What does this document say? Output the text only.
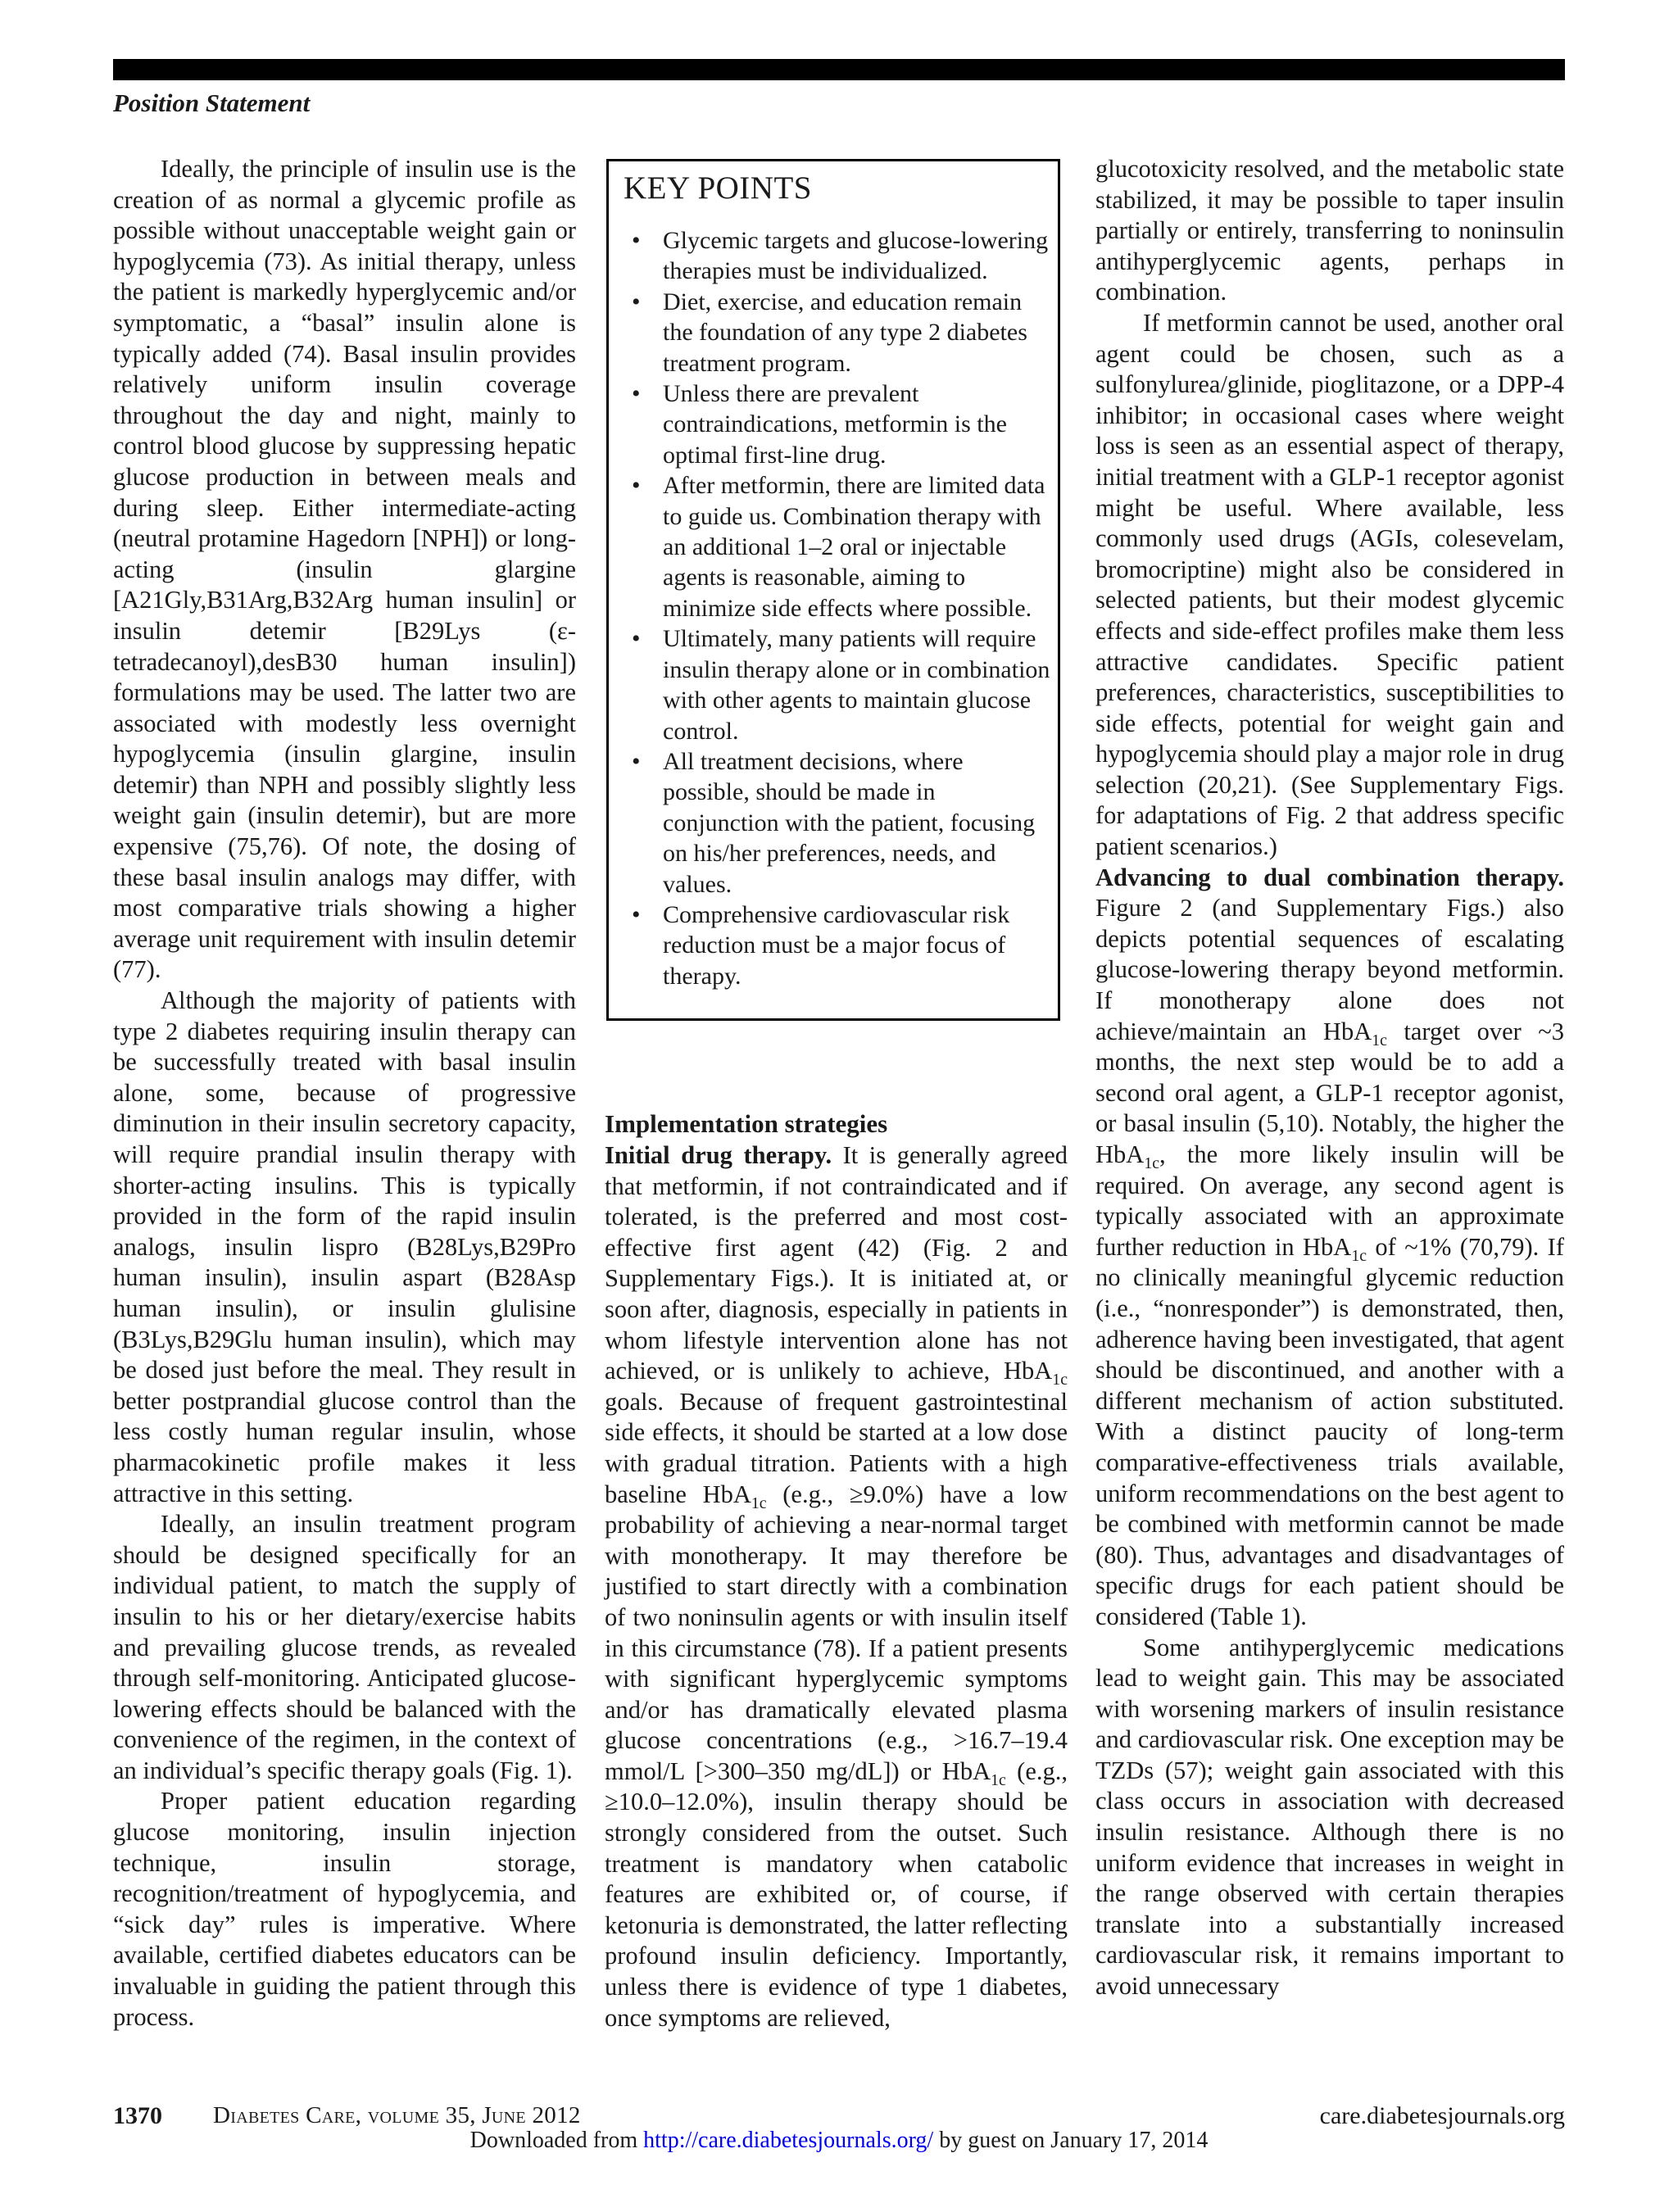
Position Statement

Ideally, the principle of insulin use is the creation of as normal a glycemic profile as possible without unacceptable weight gain or hypoglycemia (73). As initial therapy, unless the patient is markedly hyperglycemic and/or symptomatic, a “basal” insulin alone is typically added (74). Basal insulin provides relatively uniform insulin coverage throughout the day and night, mainly to control blood glucose by suppressing hepatic glucose production in between meals and during sleep. Either intermediate-acting (neutral protamine Hagedorn [NPH]) or long-acting (insulin glargine [A21Gly,B31Arg,B32Arg human insulin] or insulin detemir [B29Lys (ε-tetradecanoyl),desB30 human insulin]) formulations may be used. The latter two are associated with modestly less overnight hypoglycemia (insulin glargine, insulin detemir) than NPH and possibly slightly less weight gain (insulin detemir), but are more expensive (75,76). Of note, the dosing of these basal insulin analogs may differ, with most comparative trials showing a higher average unit requirement with insulin detemir (77).

Although the majority of patients with type 2 diabetes requiring insulin therapy can be successfully treated with basal insulin alone, some, because of progressive diminution in their insulin secretory capacity, will require prandial insulin therapy with shorter-acting insulins. This is typically provided in the form of the rapid insulin analogs, insulin lispro (B28Lys,B29Pro human insulin), insulin aspart (B28Asp human insulin), or insulin glulisine (B3Lys,B29Glu human insulin), which may be dosed just before the meal. They result in better postprandial glucose control than the less costly human regular insulin, whose pharmacokinetic profile makes it less attractive in this setting.

Ideally, an insulin treatment program should be designed specifically for an individual patient, to match the supply of insulin to his or her dietary/exercise habits and prevailing glucose trends, as revealed through self-monitoring. Anticipated glucose-lowering effects should be balanced with the convenience of the regimen, in the context of an individual’s specific therapy goals (Fig. 1).

Proper patient education regarding glucose monitoring, insulin injection technique, insulin storage, recognition/treatment of hypoglycemia, and “sick day” rules is imperative. Where available, certified diabetes educators can be invaluable in guiding the patient through this process.

KEY POINTS
• Glycemic targets and glucose-lowering therapies must be individualized.
• Diet, exercise, and education remain the foundation of any type 2 diabetes treatment program.
• Unless there are prevalent contraindications, metformin is the optimal first-line drug.
• After metformin, there are limited data to guide us. Combination therapy with an additional 1–2 oral or injectable agents is reasonable, aiming to minimize side effects where possible.
• Ultimately, many patients will require insulin therapy alone or in combination with other agents to maintain glucose control.
• All treatment decisions, where possible, should be made in conjunction with the patient, focusing on his/her preferences, needs, and values.
• Comprehensive cardiovascular risk reduction must be a major focus of therapy.
Implementation strategies

Initial drug therapy. It is generally agreed that metformin, if not contraindicated and if tolerated, is the preferred and most cost-effective first agent (42) (Fig. 2 and Supplementary Figs.). It is initiated at, or soon after, diagnosis, especially in patients in whom lifestyle intervention alone has not achieved, or is unlikely to achieve, HbA$_{1c}$ goals. Because of frequent gastrointestinal side effects, it should be started at a low dose with gradual titration. Patients with a high baseline HbA$_{1c}$ (e.g., ≥9.0%) have a low probability of achieving a near-normal target with monotherapy. It may therefore be justified to start directly with a combination of two noninsulin agents or with insulin itself in this circumstance (78). If a patient presents with significant hyperglycemic symptoms and/or has dramatically elevated plasma glucose concentrations (e.g., >16.7–19.4 mmol/L [>300–350 mg/dL]) or HbA$_{1c}$ (e.g., ≥10.0–12.0%), insulin therapy should be strongly considered from the outset. Such treatment is mandatory when catabolic features are exhibited or, of course, if ketonuria is demonstrated, the latter reflecting profound insulin deficiency. Importantly, unless there is evidence of type 1 diabetes, once symptoms are relieved,

glucotoxicity resolved, and the metabolic state stabilized, it may be possible to taper insulin partially or entirely, transferring to noninsulin antihyperglycemic agents, perhaps in combination.

If metformin cannot be used, another oral agent could be chosen, such as a sulfonylurea/glinide, pioglitazone, or a DPP-4 inhibitor; in occasional cases where weight loss is seen as an essential aspect of therapy, initial treatment with a GLP-1 receptor agonist might be useful. Where available, less commonly used drugs (AGIs, colesevelam, bromocriptine) might also be considered in selected patients, but their modest glycemic effects and side-effect profiles make them less attractive candidates. Specific patient preferences, characteristics, susceptibilities to side effects, potential for weight gain and hypoglycemia should play a major role in drug selection (20,21). (See Supplementary Figs. for adaptations of Fig. 2 that address specific patient scenarios.)

Advancing to dual combination therapy. Figure 2 (and Supplementary Figs.) also depicts potential sequences of escalating glucose-lowering therapy beyond metformin. If monotherapy alone does not achieve/maintain an HbA$_{1c}$ target over ~3 months, the next step would be to add a second oral agent, a GLP-1 receptor agonist, or basal insulin (5,10). Notably, the higher the HbA$_{1c}$, the more likely insulin will be required. On average, any second agent is typically associated with an approximate further reduction in HbA$_{1c}$ of ~1% (70,79). If no clinically meaningful glycemic reduction (i.e., “nonresponder”) is demonstrated, then, adherence having been investigated, that agent should be discontinued, and another with a different mechanism of action substituted. With a distinct paucity of long-term comparative-effectiveness trials available, uniform recommendations on the best agent to be combined with metformin cannot be made (80). Thus, advantages and disadvantages of specific drugs for each patient should be considered (Table 1).

Some antihyperglycemic medications lead to weight gain. This may be associated with worsening markers of insulin resistance and cardiovascular risk. One exception may be TZDs (57); weight gain associated with this class occurs in association with decreased insulin resistance. Although there is no uniform evidence that increases in weight in the range observed with certain therapies translate into a substantially increased cardiovascular risk, it remains important to avoid unnecessary

1370 Diabetes Care, volume 35, June 2012	care.diabetesjournals.org
Downloaded from http://care.diabetesjournals.org/ by guest on January 17, 2014
